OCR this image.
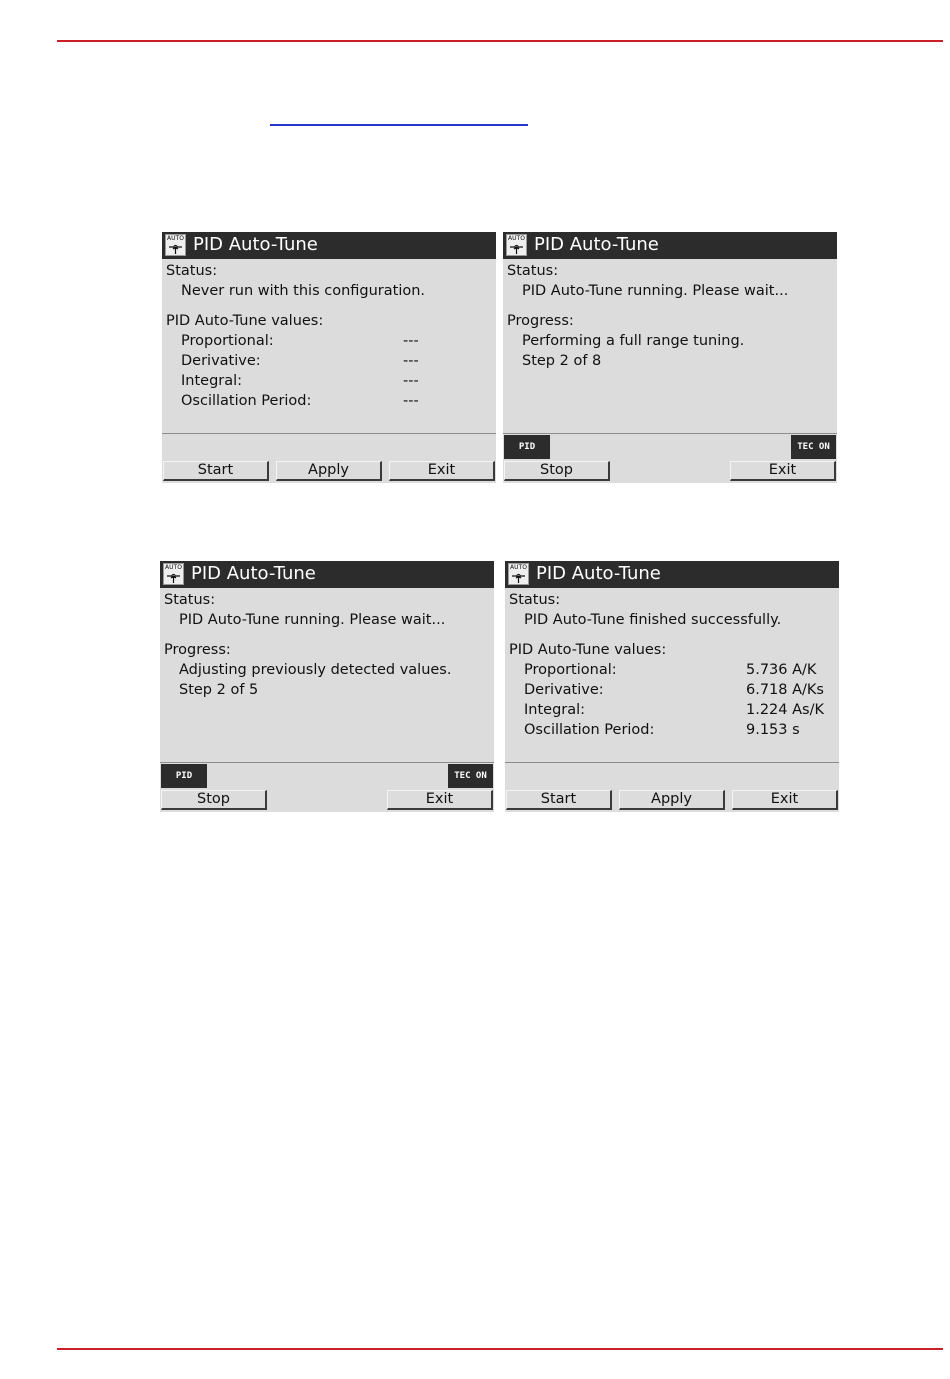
AUTO PID Auto-Tune
Status:
Never run with this configuration.
PID Auto-Tune values:
Proportional:	---
Derivative:	---
Integral:	---
Oscillation Period:	---
Start	Apply	Exit
AUTO PID Auto-Tune
Status:
PID Auto-Tune running. Please wait...
Progress:
Performing a full range tuning.
Step 2 of 8
PID	TEC ON
Stop	Exit
AUTO PID Auto-Tune
Status:
PID Auto-Tune running. Please wait...
Progress:
Adjusting previously detected values.
Step 2 of 5
PID	TEC ON
Stop	Exit
AUTO PID Auto-Tune
Status:
PID Auto-Tune finished successfully.
PID Auto-Tune values:
Proportional:	5.736 A/K
Derivative:	6.718 A/Ks
Integral:	1.224 As/K
Oscillation Period:	9.153 s
Start	Apply	Exit
